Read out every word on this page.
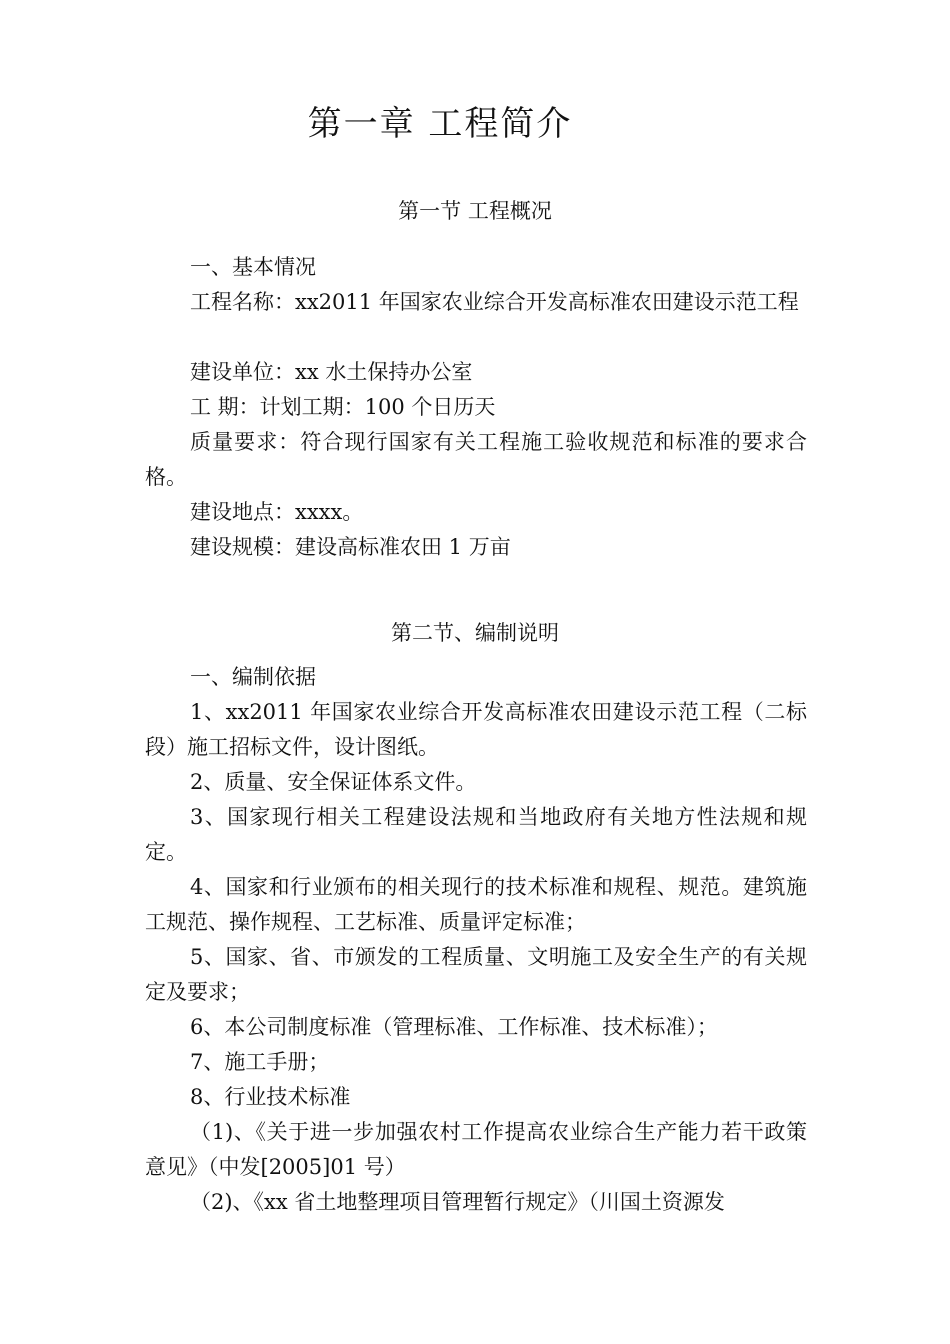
第一章 工程简介
第一节 工程概况
一、基本情况
工程名称：xx2011 年国家农业综合开发高标准农田建设示范工程
建设单位：xx 水土保持办公室
工 期：计划工期：100 个日历天
质量要求：符合现行国家有关工程施工验收规范和标准的要求合格。
建设地点：xxxx。
建设规模：建设高标准农田 1 万亩
第二节、编制说明
一、编制依据
1、xx2011 年国家农业综合开发高标准农田建设示范工程（二标段）施工招标文件，设计图纸。
2、质量、安全保证体系文件。
3、国家现行相关工程建设法规和当地政府有关地方性法规和规定。
4、国家和行业颁布的相关现行的技术标准和规程、规范。建筑施工规范、操作规程、工艺标准、质量评定标准；
5、国家、省、市颁发的工程质量、文明施工及安全生产的有关规定及要求；
6、本公司制度标准（管理标准、工作标准、技术标准）；
7、施工手册；
8、行业技术标准
（1)、《关于进一步加强农村工作提高农业综合生产能力若干政策意见》（中发[2005]01 号）
（2)、《xx 省土地整理项目管理暂行规定》（川国土资源发
